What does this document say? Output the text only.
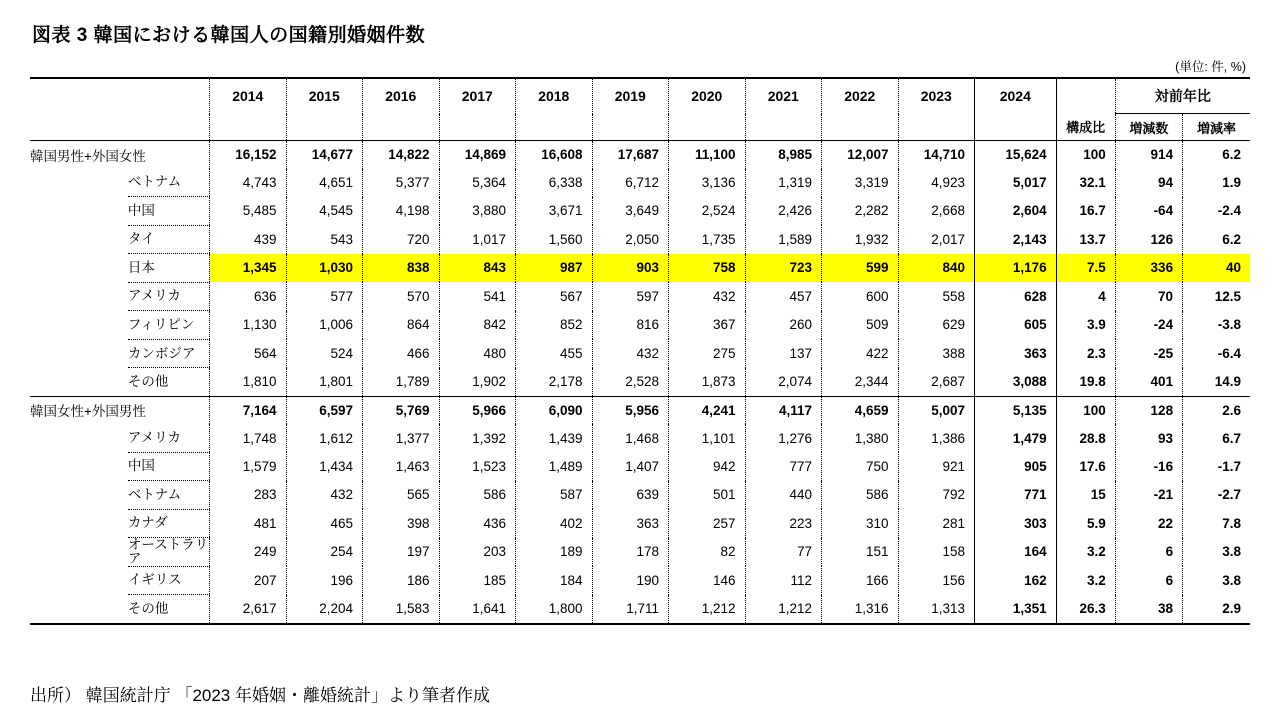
図表 3 韓国における韓国人の国籍別婚姻件数
(単位: 件, %)
		2014	2015	2016	2017	2018	2019	2020	2021	2022	2023	2024		対前年比	
													構成比	増減数	増減率
韓国男性+外国女性		16,152	14,677	14,822	14,869	16,608	17,687	11,100	8,985	12,007	14,710	15,624	100	914	6.2
	ベトナム	4,743	4,651	5,377	5,364	6,338	6,712	3,136	1,319	3,319	4,923	5,017	32.1	94	1.9
	中国	5,485	4,545	4,198	3,880	3,671	3,649	2,524	2,426	2,282	2,668	2,604	16.7	-64	-2.4
	タイ	439	543	720	1,017	1,560	2,050	1,735	1,589	1,932	2,017	2,143	13.7	126	6.2
	日本	1,345	1,030	838	843	987	903	758	723	599	840	1,176	7.5	336	40
	アメリカ	636	577	570	541	567	597	432	457	600	558	628	4	70	12.5
	フィリピン	1,130	1,006	864	842	852	816	367	260	509	629	605	3.9	-24	-3.8
	カンボジア	564	524	466	480	455	432	275	137	422	388	363	2.3	-25	-6.4
	その他	1,810	1,801	1,789	1,902	2,178	2,528	1,873	2,074	2,344	2,687	3,088	19.8	401	14.9
韓国女性+外国男性		7,164	6,597	5,769	5,966	6,090	5,956	4,241	4,117	4,659	5,007	5,135	100	128	2.6
	アメリカ	1,748	1,612	1,377	1,392	1,439	1,468	1,101	1,276	1,380	1,386	1,479	28.8	93	6.7
	中国	1,579	1,434	1,463	1,523	1,489	1,407	942	777	750	921	905	17.6	-16	-1.7
	ベトナム	283	432	565	586	587	639	501	440	586	792	771	15	-21	-2.7
	カナダ	481	465	398	436	402	363	257	223	310	281	303	5.9	22	7.8
	オーストラリア	249	254	197	203	189	178	82	77	151	158	164	3.2	6	3.8
	イギリス	207	196	186	185	184	190	146	112	166	156	162	3.2	6	3.8
	その他	2,617	2,204	1,583	1,641	1,800	1,711	1,212	1,212	1,316	1,313	1,351	26.3	38	2.9

出所） 韓国統計庁 「2023 年婚姻・離婚統計」より筆者作成
